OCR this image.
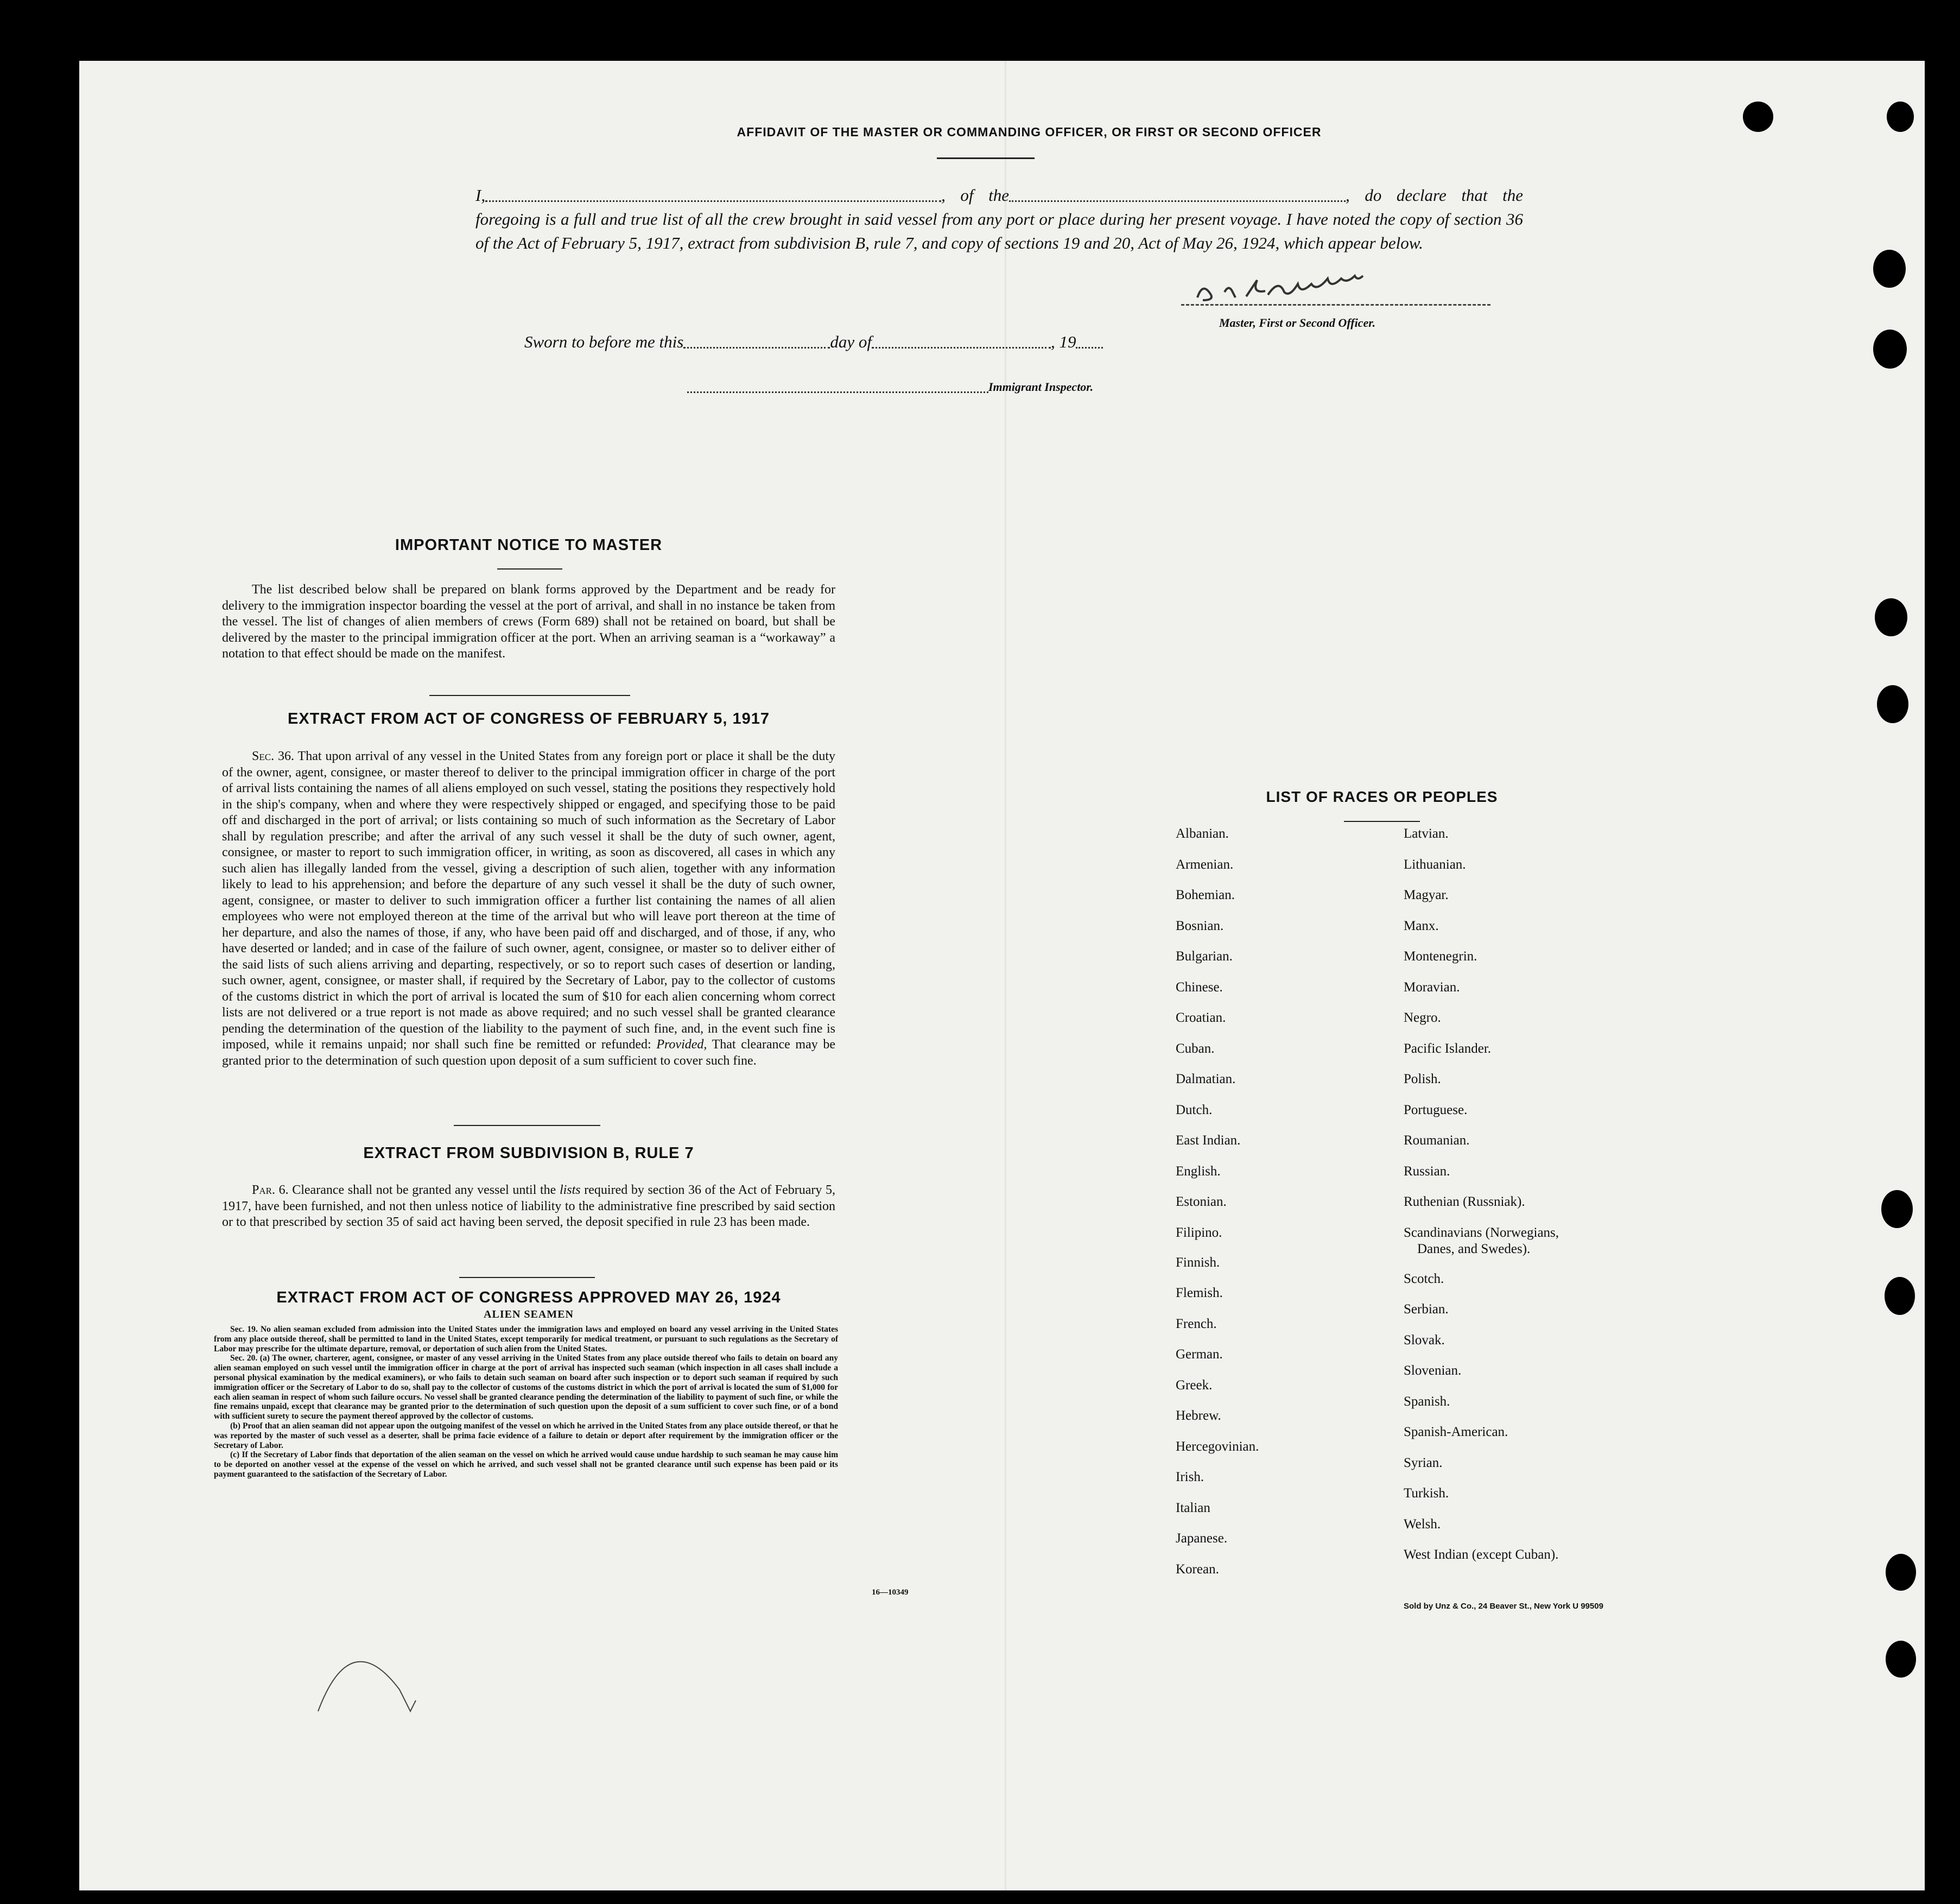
AFFIDAVIT OF THE MASTER OR COMMANDING OFFICER, OR FIRST OR SECOND OFFICER
I,	, of the	, do declare that the foregoing is a full and true list of all the crew brought in said vessel from any port or place during her present voyage. I have noted the copy of section 36 of the Act of February 5, 1917, extract from subdivision B, rule 7, and copy of sections 19 and 20, Act of May 26, 1924, which appear below.
Master, First or Second Officer.
Sworn to before me this	day of	, 19
Immigrant Inspector.
IMPORTANT NOTICE TO MASTER

The list described below shall be prepared on blank forms approved by the Department and be ready for delivery to the immigration inspector boarding the vessel at the port of arrival, and shall in no instance be taken from the vessel. The list of changes of alien members of crews (Form 689) shall not be retained on board, but shall be delivered by the master to the principal immigration officer at the port. When an arriving seaman is a “workaway” a notation to that effect should be made on the manifest.

EXTRACT FROM ACT OF CONGRESS OF FEBRUARY 5, 1917

Sec. 36. That upon arrival of any vessel in the United States from any foreign port or place it shall be the duty of the owner, agent, consignee, or master thereof to deliver to the principal immigration officer in charge of the port of arrival lists containing the names of all aliens employed on such vessel, stating the positions they respectively hold in the ship's company, when and where they were respectively shipped or engaged, and specifying those to be paid off and discharged in the port of arrival; or lists containing so much of such information as the Secretary of Labor shall by regulation prescribe; and after the arrival of any such vessel it shall be the duty of such owner, agent, consignee, or master to report to such immigration officer, in writing, as soon as discovered, all cases in which any such alien has illegally landed from the vessel, giving a description of such alien, together with any information likely to lead to his apprehension; and before the departure of any such vessel it shall be the duty of such owner, agent, consignee, or master to deliver to such immigration officer a further list containing the names of all alien employees who were not employed thereon at the time of the arrival but who will leave port thereon at the time of her departure, and also the names of those, if any, who have been paid off and discharged, and of those, if any, who have deserted or landed; and in case of the failure of such owner, agent, consignee, or master so to deliver either of the said lists of such aliens arriving and departing, respectively, or so to report such cases of desertion or landing, such owner, agent, consignee, or master shall, if required by the Secretary of Labor, pay to the collector of customs of the customs district in which the port of arrival is located the sum of $10 for each alien concerning whom correct lists are not delivered or a true report is not made as above required; and no such vessel shall be granted clearance pending the determination of the question of the liability to the payment of such fine, and, in the event such fine is imposed, while it remains unpaid; nor shall such fine be remitted or refunded: Provided, That clearance may be granted prior to the determination of such question upon deposit of a sum sufficient to cover such fine.

EXTRACT FROM SUBDIVISION B, RULE 7

Par. 6. Clearance shall not be granted any vessel until the lists required by section 36 of the Act of February 5, 1917, have been furnished, and not then unless notice of liability to the administrative fine prescribed by said section or to that prescribed by section 35 of said act having been served, the deposit specified in rule 23 has been made.

EXTRACT FROM ACT OF CONGRESS APPROVED MAY 26, 1924
ALIEN SEAMEN

Sec. 19. No alien seaman excluded from admission into the United States under the immigration laws and employed on board any vessel arriving in the United States from any place outside thereof, shall be permitted to land in the United States, except temporarily for medical treatment, or pursuant to such regulations as the Secretary of Labor may prescribe for the ultimate departure, removal, or deportation of such alien from the United States.

Sec. 20. (a) The owner, charterer, agent, consignee, or master of any vessel arriving in the United States from any place outside thereof who fails to detain on board any alien seaman employed on such vessel until the immigration officer in charge at the port of arrival has inspected such seaman (which inspection in all cases shall include a personal physical examination by the medical examiners), or who fails to detain such seaman on board after such inspection or to deport such seaman if required by such immigration officer or the Secretary of Labor to do so, shall pay to the collector of customs of the customs district in which the port of arrival is located the sum of $1,000 for each alien seaman in respect of whom such failure occurs. No vessel shall be granted clearance pending the determination of the liability to payment of such fine, or while the fine remains unpaid, except that clearance may be granted prior to the determination of such question upon the deposit of a sum sufficient to cover such fine, or of a bond with sufficient surety to secure the payment thereof approved by the collector of customs.

(b) Proof that an alien seaman did not appear upon the outgoing manifest of the vessel on which he arrived in the United States from any place outside thereof, or that he was reported by the master of such vessel as a deserter, shall be prima facie evidence of a failure to detain or deport after requirement by the immigration officer or the Secretary of Labor.

(c) If the Secretary of Labor finds that deportation of the alien seaman on the vessel on which he arrived would cause undue hardship to such seaman he may cause him to be deported on another vessel at the expense of the vessel on which he arrived, and such vessel shall not be granted clearance until such expense has been paid or its payment guaranteed to the satisfaction of the Secretary of Labor.

16—10349
LIST OF RACES OR PEOPLES
Albanian.
Armenian.
Bohemian.
Bosnian.
Bulgarian.
Chinese.
Croatian.
Cuban.
Dalmatian.
Dutch.
East Indian.
English.
Estonian.
Filipino.
Finnish.
Flemish.
French.
German.
Greek.
Hebrew.
Hercegovinian.
Irish.
Italian
Japanese.
Korean.
Latvian.
Lithuanian.
Magyar.
Manx.
Montenegrin.
Moravian.
Negro.
Pacific Islander.
Polish.
Portuguese.
Roumanian.
Russian.
Ruthenian (Russniak).
Scandinavians (Norwegians,
Danes, and Swedes).
Scotch.
Serbian.
Slovak.
Slovenian.
Spanish.
Spanish-American.
Syrian.
Turkish.
Welsh.
West Indian (except Cuban).
Sold by Unz & Co., 24 Beaver St., New York U 99509
